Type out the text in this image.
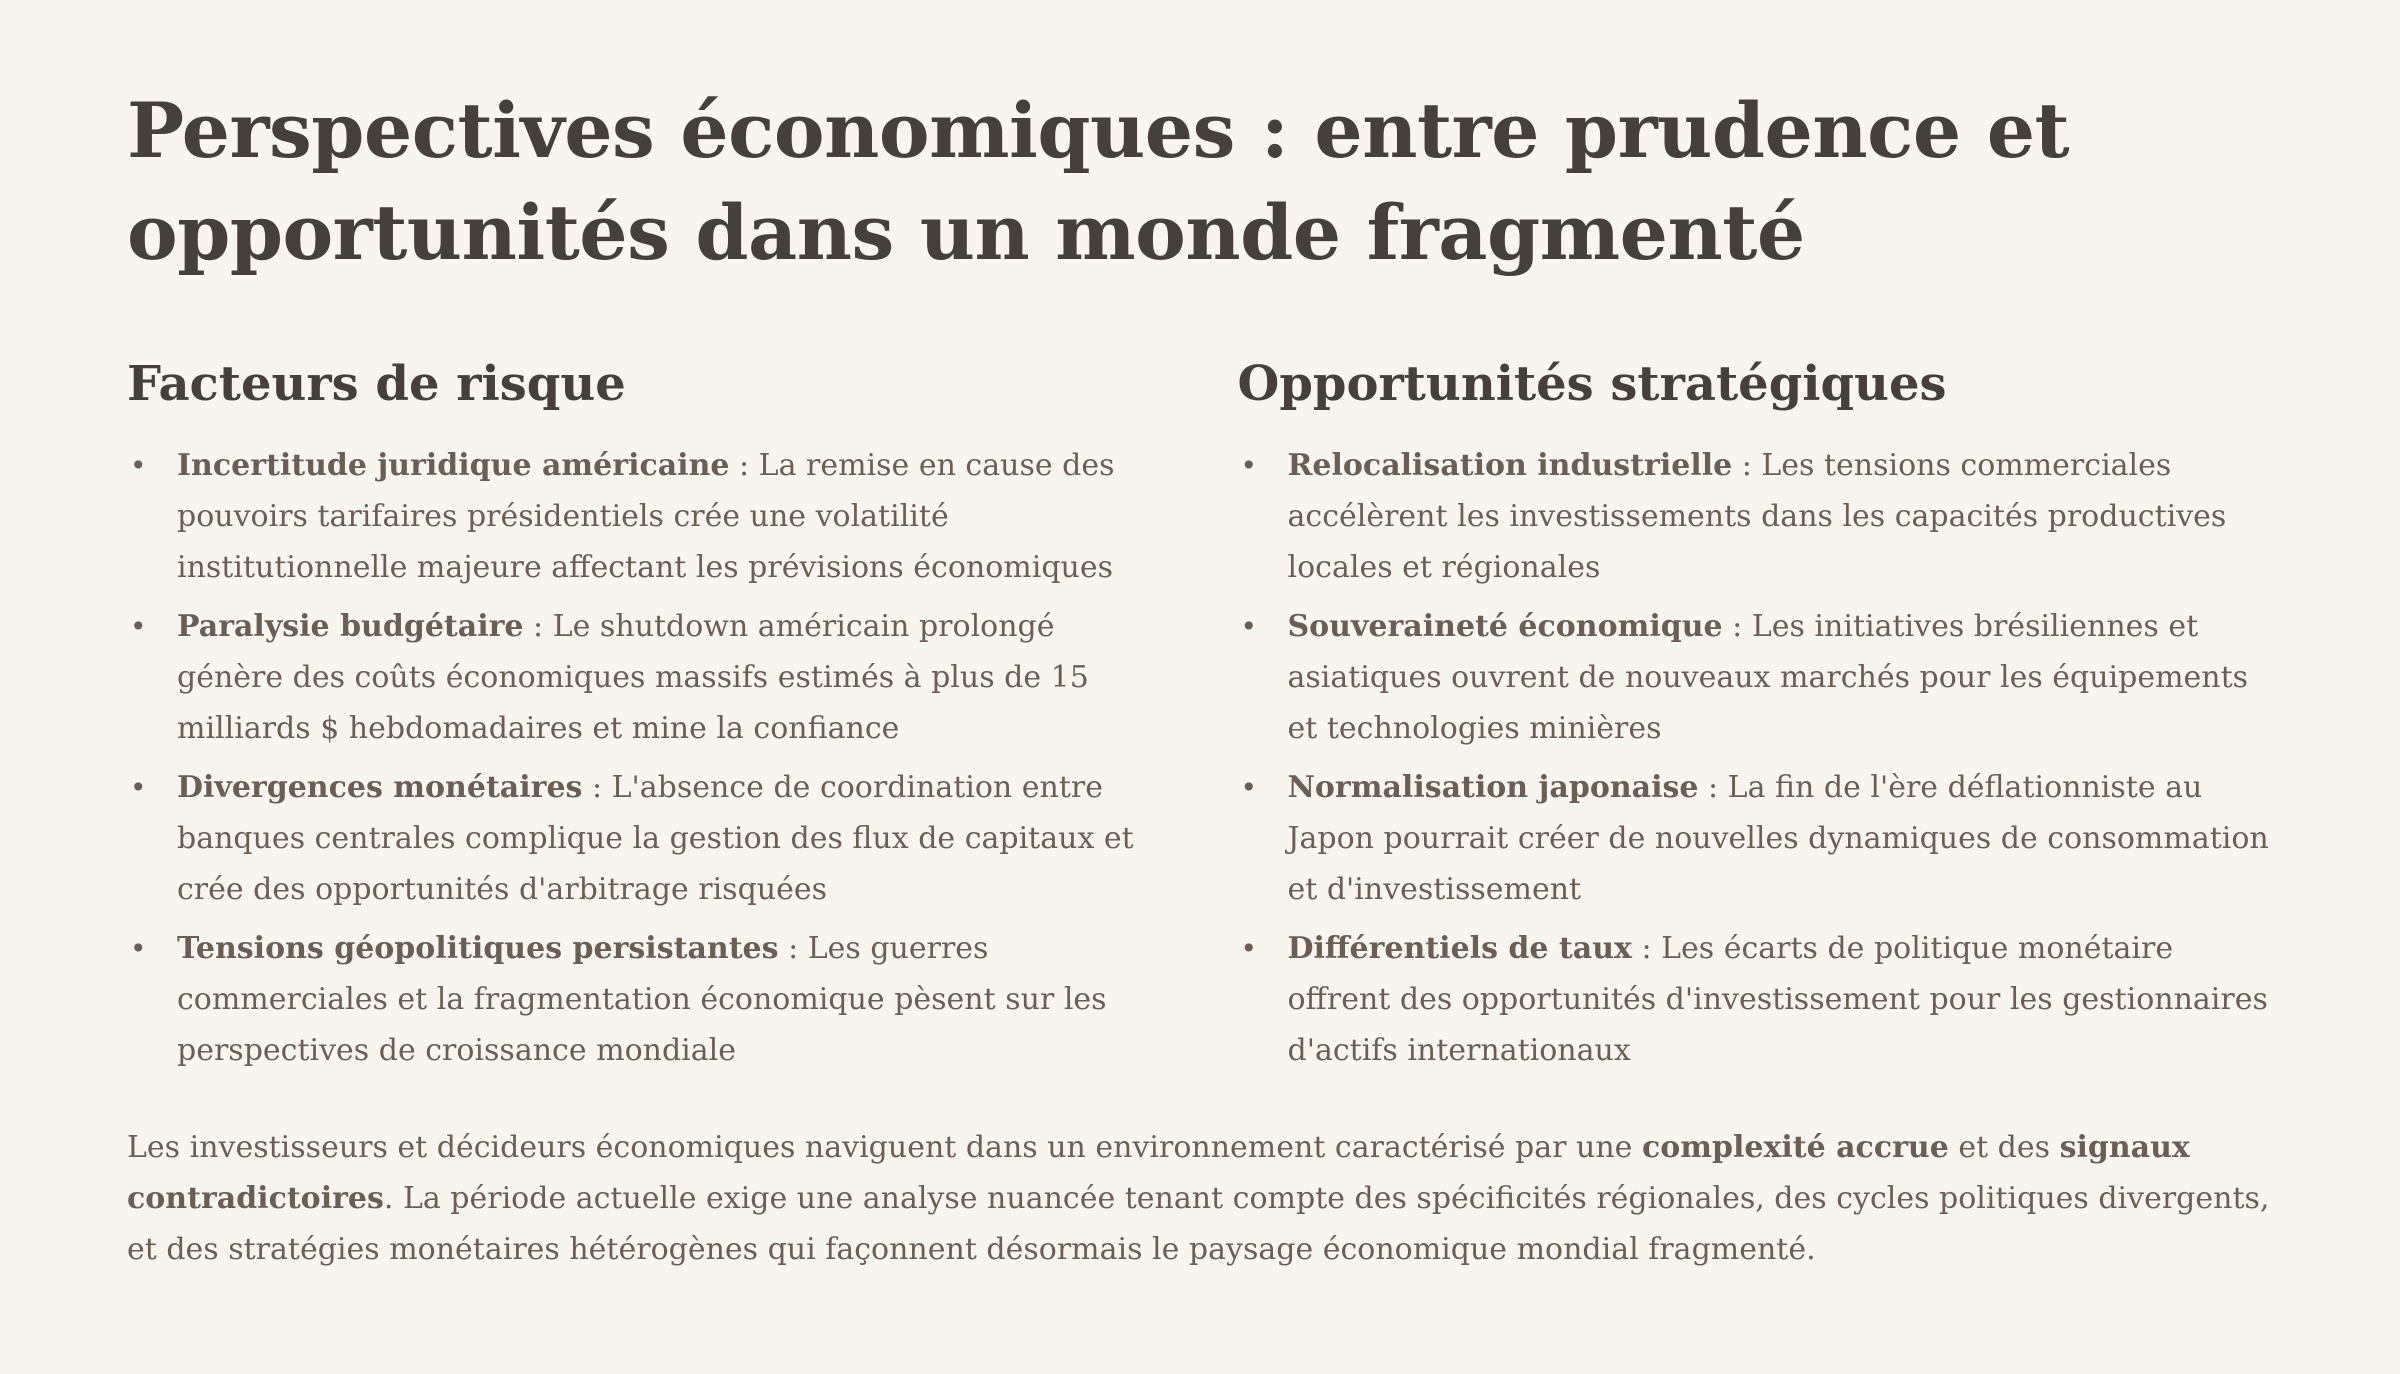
Perspectives économiques : entre prudence et opportunités dans un monde fragmenté
Facteurs de risque
• Incertitude juridique américaine : La remise en cause des pouvoirs tarifaires présidentiels crée une volatilité institutionnelle majeure affectant les prévisions économiques
• Paralysie budgétaire : Le shutdown américain prolongé génère des coûts économiques massifs estimés à plus de 15 milliards $ hebdomadaires et mine la confiance
• Divergences monétaires : L'absence de coordination entre banques centrales complique la gestion des flux de capitaux et crée des opportunités d'arbitrage risquées
• Tensions géopolitiques persistantes : Les guerres commerciales et la fragmentation économique pèsent sur les perspectives de croissance mondiale
Opportunités stratégiques
• Relocalisation industrielle : Les tensions commerciales accélèrent les investissements dans les capacités productives locales et régionales
• Souveraineté économique : Les initiatives brésiliennes et asiatiques ouvrent de nouveaux marchés pour les équipements et technologies minières
• Normalisation japonaise : La fin de l'ère déflationniste au Japon pourrait créer de nouvelles dynamiques de consommation et d'investissement
• Différentiels de taux : Les écarts de politique monétaire offrent des opportunités d'investissement pour les gestionnaires d'actifs internationaux

Les investisseurs et décideurs économiques naviguent dans un environnement caractérisé par une complexité accrue et des signaux contradictoires. La période actuelle exige une analyse nuancée tenant compte des spécificités régionales, des cycles politiques divergents, et des stratégies monétaires hétérogènes qui façonnent désormais le paysage économique mondial fragmenté.
